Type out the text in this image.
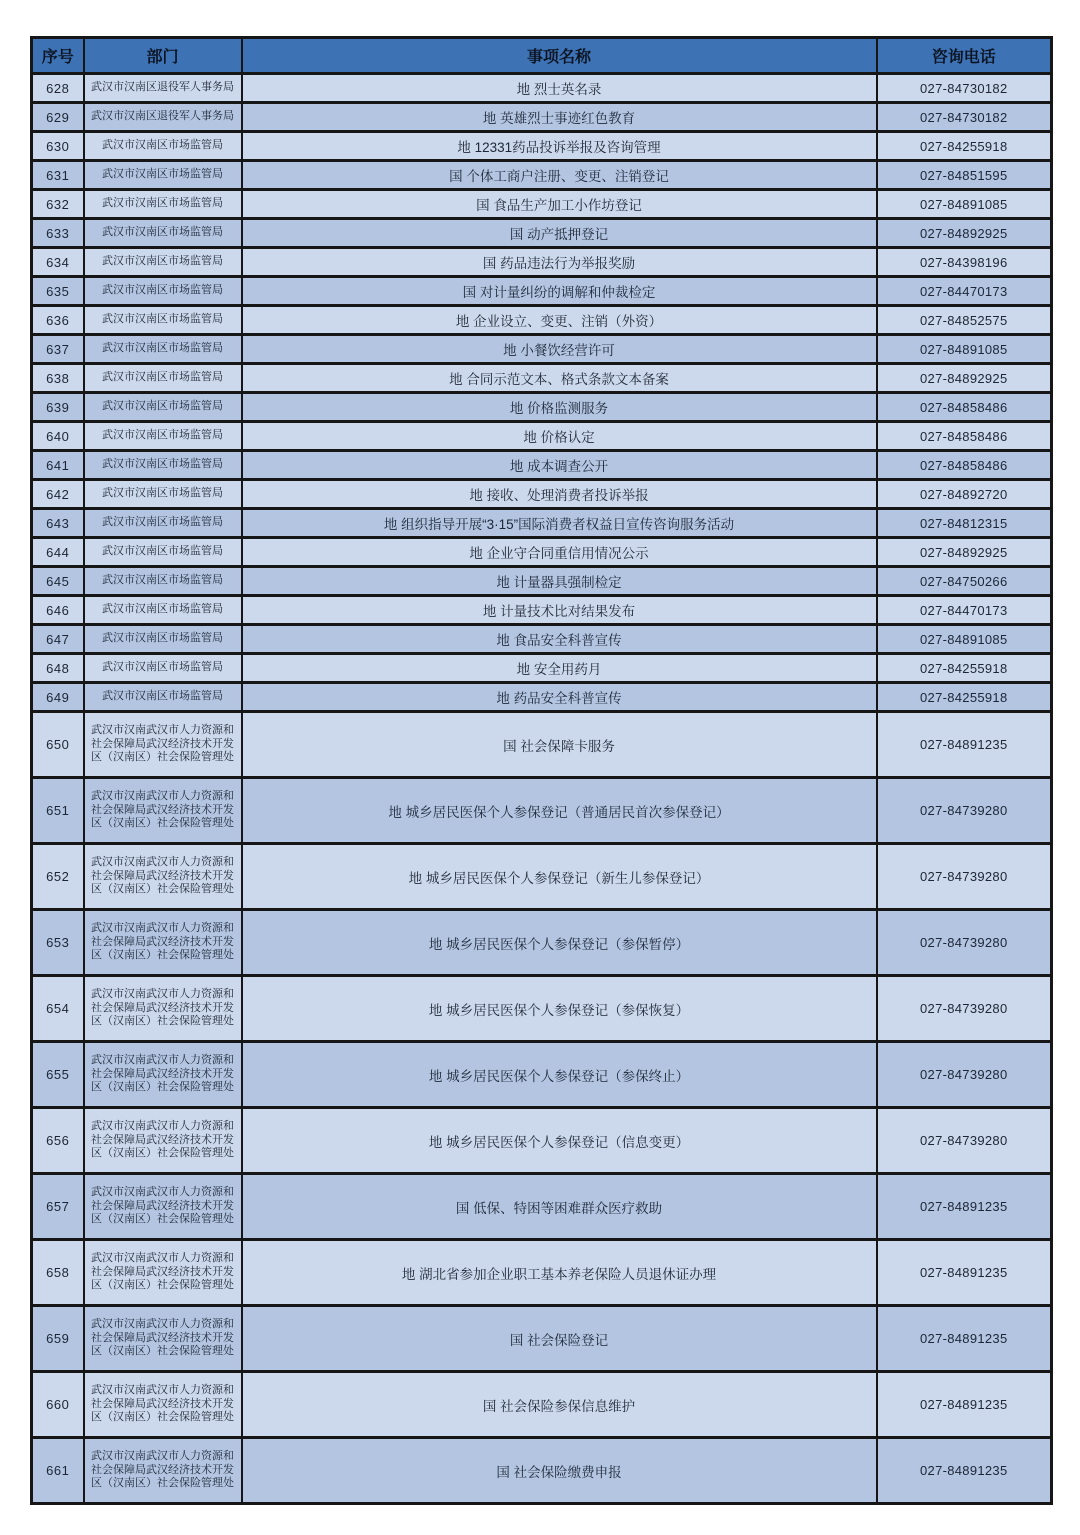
序号	部门	事项名称	咨询电话
628	武汉市汉南区退役军人事务局	地 烈士英名录	027-84730182
629	武汉市汉南区退役军人事务局	地 英雄烈士事迹红色教育	027-84730182
630	武汉市汉南区市场监管局	地 12331药品投诉举报及咨询管理	027-84255918
631	武汉市汉南区市场监管局	国 个体工商户注册、变更、注销登记	027-84851595
632	武汉市汉南区市场监管局	国 食品生产加工小作坊登记	027-84891085
633	武汉市汉南区市场监管局	国 动产抵押登记	027-84892925
634	武汉市汉南区市场监管局	国 药品违法行为举报奖励	027-84398196
635	武汉市汉南区市场监管局	国 对计量纠纷的调解和仲裁检定	027-84470173
636	武汉市汉南区市场监管局	地 企业设立、变更、注销（外资）	027-84852575
637	武汉市汉南区市场监管局	地 小餐饮经营许可	027-84891085
638	武汉市汉南区市场监管局	地 合同示范文本、格式条款文本备案	027-84892925
639	武汉市汉南区市场监管局	地 价格监测服务	027-84858486
640	武汉市汉南区市场监管局	地 价格认定	027-84858486
641	武汉市汉南区市场监管局	地 成本调查公开	027-84858486
642	武汉市汉南区市场监管局	地 接收、处理消费者投诉举报	027-84892720
643	武汉市汉南区市场监管局	地 组织指导开展“3·15”国际消费者权益日宣传咨询服务活动	027-84812315
644	武汉市汉南区市场监管局	地 企业守合同重信用情况公示	027-84892925
645	武汉市汉南区市场监管局	地 计量器具强制检定	027-84750266
646	武汉市汉南区市场监管局	地 计量技术比对结果发布	027-84470173
647	武汉市汉南区市场监管局	地 食品安全科普宣传	027-84891085
648	武汉市汉南区市场监管局	地 安全用药月	027-84255918
649	武汉市汉南区市场监管局	地 药品安全科普宣传	027-84255918
650	武汉市汉南武汉市人力资源和社会保障局武汉经济技术开发区（汉南区）社会保险管理处	国 社会保障卡服务	027-84891235
651	武汉市汉南武汉市人力资源和社会保障局武汉经济技术开发区（汉南区）社会保险管理处	地 城乡居民医保个人参保登记（普通居民首次参保登记）	027-84739280
652	武汉市汉南武汉市人力资源和社会保障局武汉经济技术开发区（汉南区）社会保险管理处	地 城乡居民医保个人参保登记（新生儿参保登记）	027-84739280
653	武汉市汉南武汉市人力资源和社会保障局武汉经济技术开发区（汉南区）社会保险管理处	地 城乡居民医保个人参保登记（参保暂停）	027-84739280
654	武汉市汉南武汉市人力资源和社会保障局武汉经济技术开发区（汉南区）社会保险管理处	地 城乡居民医保个人参保登记（参保恢复）	027-84739280
655	武汉市汉南武汉市人力资源和社会保障局武汉经济技术开发区（汉南区）社会保险管理处	地 城乡居民医保个人参保登记（参保终止）	027-84739280
656	武汉市汉南武汉市人力资源和社会保障局武汉经济技术开发区（汉南区）社会保险管理处	地 城乡居民医保个人参保登记（信息变更）	027-84739280
657	武汉市汉南武汉市人力资源和社会保障局武汉经济技术开发区（汉南区）社会保险管理处	国 低保、特困等困难群众医疗救助	027-84891235
658	武汉市汉南武汉市人力资源和社会保障局武汉经济技术开发区（汉南区）社会保险管理处	地 湖北省参加企业职工基本养老保险人员退休证办理	027-84891235
659	武汉市汉南武汉市人力资源和社会保障局武汉经济技术开发区（汉南区）社会保险管理处	国 社会保险登记	027-84891235
660	武汉市汉南武汉市人力资源和社会保障局武汉经济技术开发区（汉南区）社会保险管理处	国 社会保险参保信息维护	027-84891235
661	武汉市汉南武汉市人力资源和社会保障局武汉经济技术开发区（汉南区）社会保险管理处	国 社会保险缴费申报	027-84891235
